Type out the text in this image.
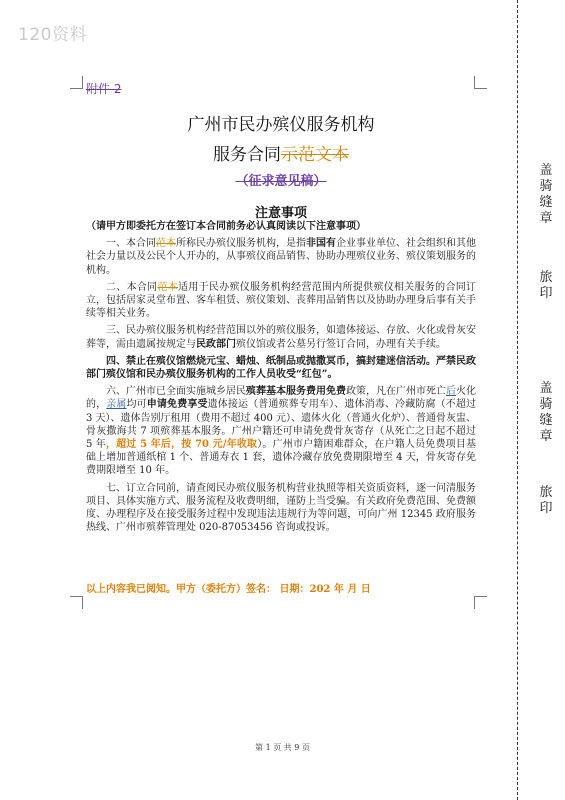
120资料
附件 2
广州市民办殡仪服务机构
服务合同示范文本
（征求意见稿）
注意事项

（请甲方即委托方在签订本合同前务必认真阅读以下注意事项）

一、本合同范本所称民办殡仪服务机构，是指非国有企业事业单位、社会组织和其他社会力量以及公民个人开办的，从事殡仪商品销售、协助办理殡仪业务、殡仪策划服务的机构。

二、本合同范本适用于民办殡仪服务机构经营范围内所提供殡仪相关服务的合同订立，包括居家灵堂布置、客车租赁、殡仪策划、丧葬用品销售以及协助办理身后事有关手续等相关业务。

三、民办殡仪服务机构经营范围以外的殡仪服务，如遗体接运、存放、火化或骨灰安葬等，需由遗属按规定与民政部门殡仪馆或者公墓另行签订合同，办理有关手续。

四、禁止在殡仪馆燃烧元宝、蜡烛、纸制品或抛撒冥币，搞封建迷信活动。严禁民政部门殡仪馆和民办殡仪服务机构的工作人员收受“红包”。

六、广州市已全面实施城乡居民殡葬基本服务费用免费政策，凡在广州市死亡后火化的，亲属均可申请免费享受遗体接运（普通殡葬专用车）、遗体消毒、冷藏防腐（不超过 3 天）、遗体告别厅租用（费用不超过 400 元）、遗体火化（普通火化炉）、普通骨灰盅、骨灰撒海共 7 项殡葬基本服务。广州户籍还可申请免费骨灰寄存（从死亡之日起不超过 5 年，超过 5 年后，按 70 元/年收取）。广州市户籍困难群众，在户籍人员免费项目基础上增加普通纸棺 1 个、普通寿衣 1 套，遗体冷藏存放免费期限增至 4 天，骨灰寄存免费期限增至 10 年。

七、订立合同前，请查阅民办殡仪服务机构营业执照等相关资质资料，逐一问清服务项目、具体实施方式、服务流程及收费明细，谨防上当受骗。有关政府免费范围、免费额度、办理程序及在接受服务过程中发现违法违规行为等问题，可向广州 12345 政府服务热线、广州市殡葬管理处 020-87053456 咨询或投诉。

以上内容我已阅知。甲方（委托方）签名： 日期：202 年 月 日
第 1 页 共 9 页
盖骑缝章
旅印
盖骑缝章
旅印
